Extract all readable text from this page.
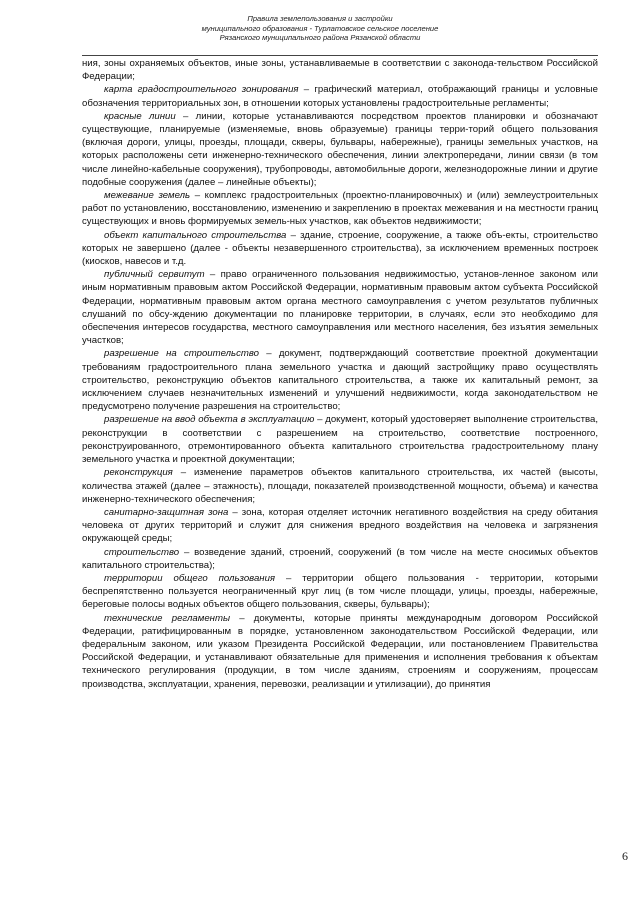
Правила землепользования и застройки
муниципального образования - Турлатовское сельское поселение
Рязанского муниципального района Рязанской области

ния, зоны охраняемых объектов, иные зоны, устанавливаемые в соответствии с законода-тельством Российской Федерации;

карта градостроительного зонирования – графический материал, отображающий границы и условные обозначения территориальных зон, в отношении которых установлены градостроительные регламенты;

красные линии – линии, которые устанавливаются посредством проектов планировки и обозначают существующие, планируемые (изменяемые, вновь образуемые) границы терри-торий общего пользования (включая дороги, улицы, проезды, площади, скверы, бульвары, набережные), границы земельных участков, на которых расположены сети инженерно-технического обеспечения, линии электропередачи, линии связи (в том числе линейно-кабельные сооружения), трубопроводы, автомобильные дороги, железнодорожные линии и другие подобные сооружения (далее – линейные объекты);

межевание земель – комплекс градостроительных (проектно-планировочных) и (или) землеустроительных работ по установлению, восстановлению, изменению и закреплению в проектах межевания и на местности границ существующих и вновь формируемых земель-ных участков, как объектов недвижимости;

объект капитального строительства – здание, строение, сооружение, а также объ-екты, строительство которых не завершено (далее - объекты незавершенного строительства), за исключением временных построек (киосков, навесов и т.д.

публичный сервитут – право ограниченного пользования недвижимостью, установ-ленное законом или иным нормативным правовым актом Российской Федерации, нормативным правовым актом субъекта Российской Федерации, нормативным правовым актом органа местного самоуправления с учетом результатов публичных слушаний по обсу-ждению документации по планировке территории, в случаях, если это необходимо для обеспечения интересов государства, местного самоуправления или местного населения, без изъятия земельных участков;

разрешение на строительство – документ, подтверждающий соответствие проектной документации требованиям градостроительного плана земельного участка и дающий застройщику право осуществлять строительство, реконструкцию объектов капитального строительства, а также их капитальный ремонт, за исключением случаев незначительных изменений и улучшений недвижимости, когда законодательством не предусмотрено получение разрешения на строительство;

разрешение на ввод объекта в эксплуатацию – документ, который удостоверяет выполнение строительства, реконструкции в соответствии с разрешением на строительство, соответствие построенного, реконструированного, отремонтированного объекта капитального строительства градостроительному плану земельного участка и проектной документации;

реконструкция – изменение параметров объектов капитального строительства, их частей (высоты, количества этажей (далее – этажность), площади, показателей производственной мощности, объема) и качества инженерно-технического обеспечения;

санитарно-защитная зона – зона, которая отделяет источник негативного воздействия на среду обитания человека от других территорий и служит для снижения вредного воздействия на человека и загрязнения окружающей среды;

строительство – возведение зданий, строений, сооружений (в том числе на месте сносимых объектов капитального строительства);

территории общего пользования – территории общего пользования - территории, которыми беспрепятственно пользуется неограниченный круг лиц (в том числе площади, улицы, проезды, набережные, береговые полосы водных объектов общего пользования, скверы, бульвары);

технические регламенты – документы, которые приняты международным договором Российской Федерации, ратифицированным в порядке, установленном законодательством Российской Федерации, или федеральным законом, или указом Президента Российской Федерации, или постановлением Правительства Российской Федерации, и устанавливают обязательные для применения и исполнения требования к объектам технического регулирования (продукции, в том числе зданиям, строениям и сооружениям, процессам производства, эксплуатации, хранения, перевозки, реализации и утилизации), до принятия

6
